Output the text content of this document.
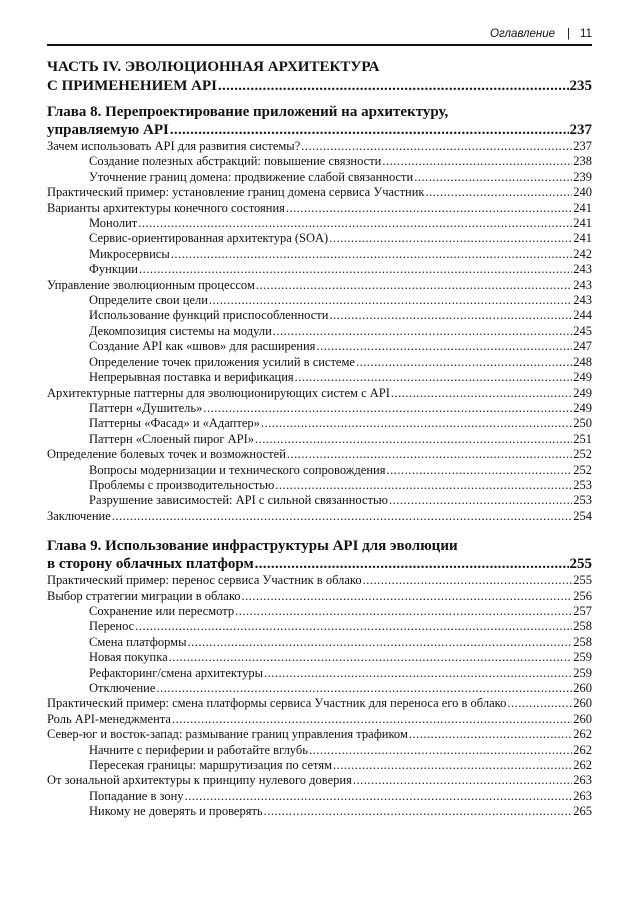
Оглавление | 11
ЧАСТЬ IV. ЭВОЛЮЦИОННАЯ АРХИТЕКТУРА
С ПРИМЕНЕНИЕМ API .....	235
Глава 8. Перепроектирование приложений на архитектуру,
управляемую API .....	237
Зачем использовать API для развития системы? .....	237
Создание полезных абстракций: повышение связности .....	238
Уточнение границ домена: продвижение слабой связанности .....	239
Практический пример: установление границ домена сервиса Участник .....	240
Варианты архитектуры конечного состояния .....	241
Монолит .....	241
Сервис-ориентированная архитектура (SOA) .....	241
Микросервисы .....	242
Функции .....	243
Управление эволюционным процессом .....	243
Определите свои цели .....	243
Использование функций приспособленности .....	244
Декомпозиция системы на модули .....	245
Создание API как «швов» для расширения .....	247
Определение точек приложения усилий в системе .....	248
Непрерывная поставка и верификация .....	249
Архитектурные паттерны для эволюционирующих систем с API .....	249
Паттерн «Душитель» .....	249
Паттерны «Фасад» и «Адаптер» .....	250
Паттерн «Слоеный пирог API» .....	251
Определение болевых точек и возможностей .....	252
Вопросы модернизации и технического сопровождения .....	252
Проблемы с производительностью .....	253
Разрушение зависимостей: API с сильной связанностью .....	253
Заключение .....	254
Глава 9. Использование инфраструктуры API для эволюции
в сторону облачных платформ .....	255
Практический пример: перенос сервиса Участник в облако .....	255
Выбор стратегии миграции в облако .....	256
Сохранение или пересмотр .....	257
Перенос .....	258
Смена платформы .....	258
Новая покупка .....	259
Рефакторинг/смена архитектуры .....	259
Отключение .....	260
Практический пример: смена платформы сервиса Участник для переноса его в облако .....	260
Роль API-менеджмента .....	260
Север-юг и восток-запад: размывание границ управления трафиком .....	262
Начните с периферии и работайте вглубь .....	262
Пересекая границы: маршрутизация по сетям .....	262
От зональной архитектуры к принципу нулевого доверия .....	263
Попадание в зону .....	263
Никому не доверять и проверять .....	265
